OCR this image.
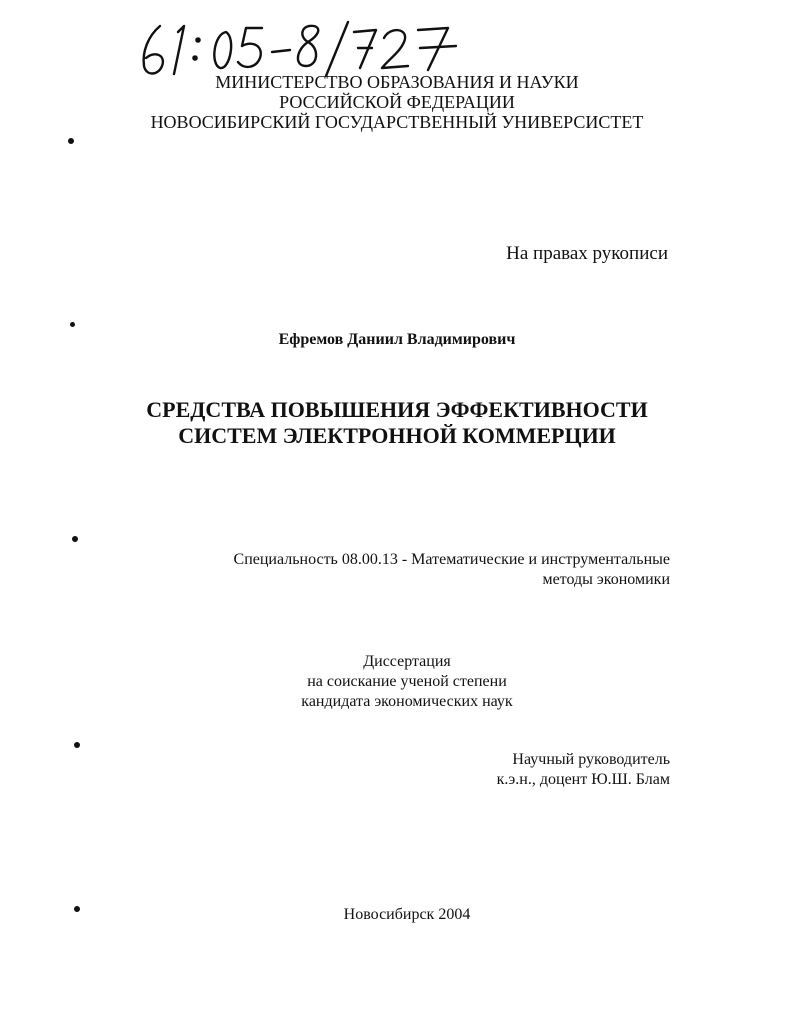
МИНИСТЕРСТВО ОБРАЗОВАНИЯ И НАУКИ
РОССИЙСКОЙ ФЕДЕРАЦИИ
НОВОСИБИРСКИЙ ГОСУДАРСТВЕННЫЙ УНИВЕРСИСТЕТ
На правах рукописи
Ефремов Даниил Владимирович
СРЕДСТВА ПОВЫШЕНИЯ ЭФФЕКТИВНОСТИ
СИСТЕМ ЭЛЕКТРОННОЙ КОММЕРЦИИ
Специальность 08.00.13 - Математические и инструментальные
методы экономики
Диссертация
на соискание ученой степени
кандидата экономических наук
Научный руководитель
к.э.н., доцент Ю.Ш. Блам
Новосибирск 2004
